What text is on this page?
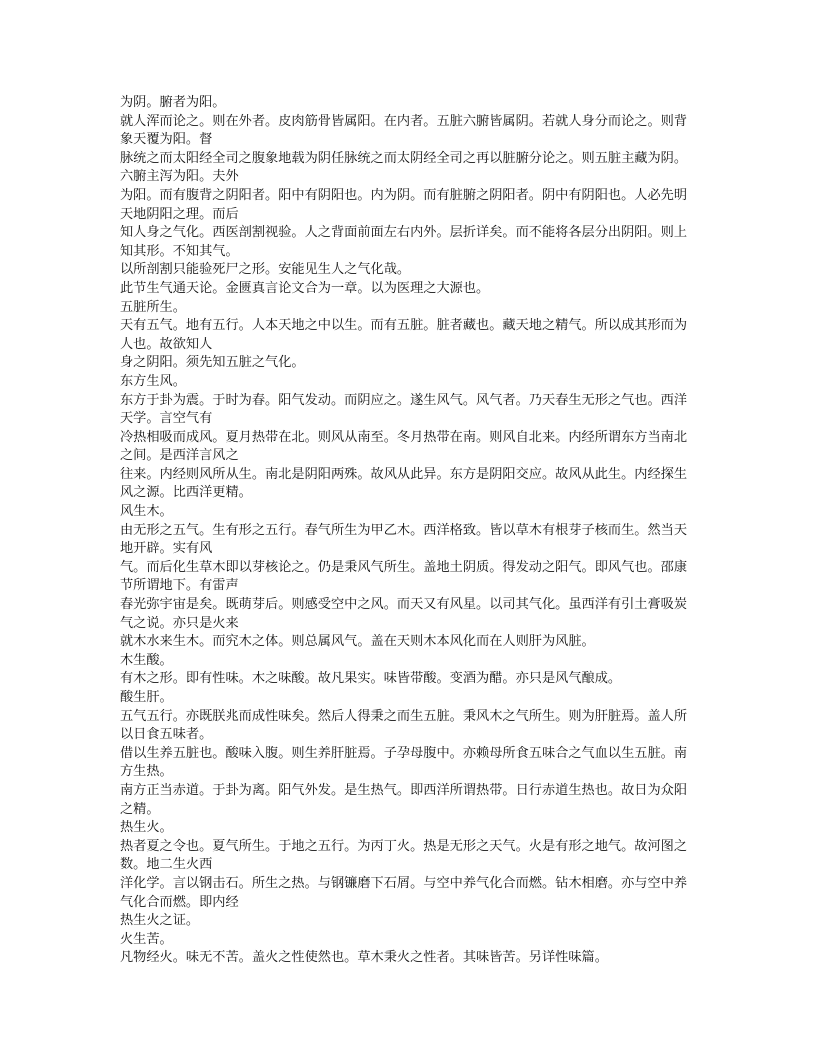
为阴。腑者为阳。
就人浑而论之。则在外者。皮肉筋骨皆属阳。在内者。五脏六腑皆属阴。若就人身分而论之。则背象天覆为阳。督
脉统之而太阳经全司之腹象地载为阴任脉统之而太阴经全司之再以脏腑分论之。则五脏主藏为阴。六腑主泻为阳。夫外
为阳。而有腹背之阴阳者。阳中有阴阳也。内为阴。而有脏腑之阴阳者。阴中有阴阳也。人必先明天地阴阳之理。而后
知人身之气化。西医剖割视验。人之背面前面左右内外。层折详矣。而不能将各层分出阴阳。则上知其形。不知其气。
以所剖割只能验死尸之形。安能见生人之气化哉。
此节生气通天论。金匮真言论文合为一章。以为医理之大源也。
五脏所生。
天有五气。地有五行。人本天地之中以生。而有五脏。脏者藏也。藏天地之精气。所以成其形而为人也。故欲知人
身之阴阳。须先知五脏之气化。
东方生风。
东方于卦为震。于时为春。阳气发动。而阴应之。遂生风气。风气者。乃天春生无形之气也。西洋天学。言空气有
冷热相吸而成风。夏月热带在北。则风从南至。冬月热带在南。则风自北来。内经所谓东方当南北之间。是西洋言风之
往来。内经则风所从生。南北是阴阳两殊。故风从此异。东方是阴阳交应。故风从此生。内经探生风之源。比西洋更精。
风生木。
由无形之五气。生有形之五行。春气所生为甲乙木。西洋格致。皆以草木有根芽子核而生。然当天地开辟。实有风
气。而后化生草木即以芽核论之。仍是秉风气所生。盖地土阴质。得发动之阳气。即风气也。邵康节所谓地下。有雷声
春光弥宇宙是矣。既萌芽后。则感受空中之风。而天又有风星。以司其气化。虽西洋有引土膏吸炭气之说。亦只是火来
就木水来生木。而究木之体。则总属风气。盖在天则木本风化而在人则肝为风脏。
木生酸。
有木之形。即有性味。木之味酸。故凡果实。味皆带酸。变酒为醋。亦只是风气酿成。
酸生肝。
五气五行。亦既朕兆而成性味矣。然后人得秉之而生五脏。秉风木之气所生。则为肝脏焉。盖人所以日食五味者。
借以生养五脏也。酸味入腹。则生养肝脏焉。子孕母腹中。亦赖母所食五味合之气血以生五脏。南方生热。
南方正当赤道。于卦为离。阳气外发。是生热气。即西洋所谓热带。日行赤道生热也。故日为众阳之精。
热生火。
热者夏之令也。夏气所生。于地之五行。为丙丁火。热是无形之天气。火是有形之地气。故河图之数。地二生火西
洋化学。言以钢击石。所生之热。与钢镰磨下石屑。与空中养气化合而燃。钻木相磨。亦与空中养气化合而燃。即内经
热生火之证。
火生苦。
凡物经火。味无不苦。盖火之性使然也。草木秉火之性者。其味皆苦。另详性味篇。
